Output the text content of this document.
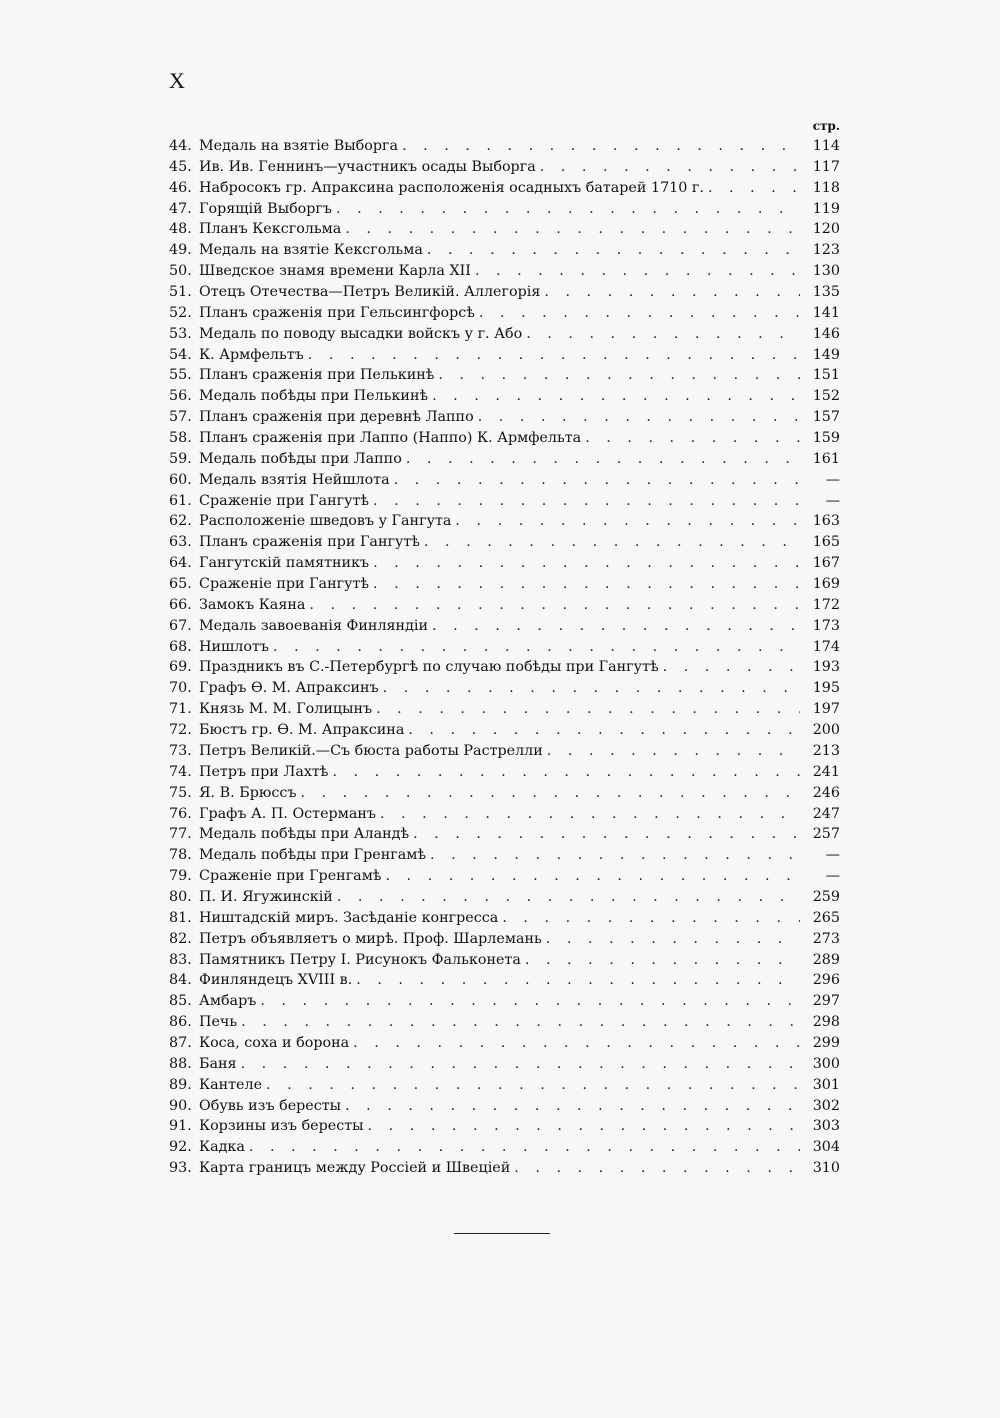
X
стр.
44. Медаль на взятіе Выборга . . .	114
45. Ив. Ив. Геннинъ—участникъ осады Выборга . . .	117
46. Набросокъ гр. Апраксина расположенія осадныхъ батарей 1710 г. . . .	118
47. Горящій Выборгъ . . .	119
48. Планъ Кексгольма . . .	120
49. Медаль на взятіе Кексгольма . . .	123
50. Шведское знамя времени Карла XII . . .	130
51. Отецъ Отечества—Петръ Великій. Аллегорія . . .	135
52. Планъ сраженія при Гельсингфорсѣ . . .	141
53. Медаль по поводу высадки войскъ у г. Або . . .	146
54. К. Армфельтъ . . .	149
55. Планъ сраженія при Пелькинѣ . . .	151
56. Медаль побѣды при Пелькинѣ . . .	152
57. Планъ сраженія при деревнѣ Лаппо . . .	157
58. Планъ сраженія при Лаппо (Наппо) К. Армфельта . . .	159
59. Медаль побѣды при Лаппо . . .	161
60. Медаль взятія Нейшлота . . .	—
61. Сраженіе при Гангутѣ . . .	—
62. Расположеніе шведовъ у Гангута . . .	163
63. Планъ сраженія при Гангутѣ . . .	165
64. Гангутскій памятникъ . . .	167
65. Сраженіе при Гангутѣ . . .	169
66. Замокъ Каяна . . .	172
67. Медаль завоеванія Финляндіи . . .	173
68. Нишлотъ . . .	174
69. Праздникъ въ С.-Петербургѣ по случаю побѣды при Гангутѣ . . .	193
70. Графъ Ѳ. М. Апраксинъ . . .	195
71. Князь М. М. Голицынъ . . .	197
72. Бюстъ гр. Ѳ. М. Апраксина . . .	200
73. Петръ Великій.—Съ бюста работы Растрелли . . .	213
74. Петръ при Лахтѣ . . .	241
75. Я. В. Брюссъ . . .	246
76. Графъ А. П. Остерманъ . . .	247
77. Медаль побѣды при Аландѣ . . .	257
78. Медаль побѣды при Гренгамѣ . . .	—
79. Сраженіе при Гренгамѣ . . .	—
80. П. И. Ягужинскій . . .	259
81. Ништадскій миръ. Засѣданіе конгресса . . .	265
82. Петръ объявляетъ о мирѣ. Проф. Шарлемань . . .	273
83. Памятникъ Петру I. Рисунокъ Фальконета . . .	289
84. Финляндецъ XVIII в. . . .	296
85. Амбаръ . . .	297
86. Печь . . .	298
87. Коса, соха и борона . . .	299
88. Баня . . .	300
89. Кантеле . . .	301
90. Обувь изъ бересты . . .	302
91. Корзины изъ бересты . . .	303
92. Кадка . . .	304
93. Карта границъ между Россіей и Швеціей . . .	310
